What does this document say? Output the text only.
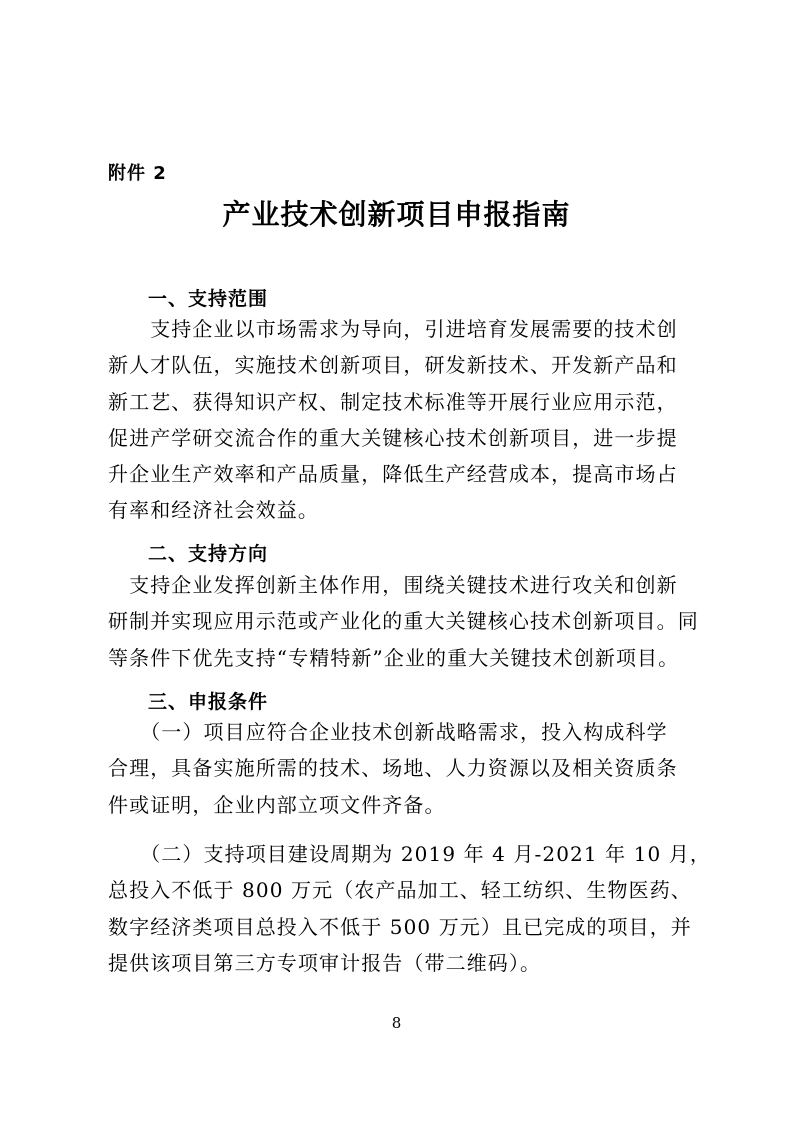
附件 2
产业技术创新项目申报指南
一、支持范围
　　支持企业以市场需求为导向，引进培育发展需要的技术创
新人才队伍，实施技术创新项目，研发新技术、开发新产品和
新工艺、获得知识产权、制定技术标准等开展行业应用示范，
促进产学研交流合作的重大关键核心技术创新项目，进一步提
升企业生产效率和产品质量，降低生产经营成本，提高市场占
有率和经济社会效益。
二、支持方向
　支持企业发挥创新主体作用，围绕关键技术进行攻关和创新
研制并实现应用示范或产业化的重大关键核心技术创新项目。同
等条件下优先支持“专精特新”企业的重大关键技术创新项目。
三、申报条件
　　（一）项目应符合企业技术创新战略需求，投入构成科学
合理，具备实施所需的技术、场地、人力资源以及相关资质条
件或证明，企业内部立项文件齐备。
　　（二）支持项目建设周期为 2019 年 4 月-2021 年 10 月，
总投入不低于 800 万元（农产品加工、轻工纺织、生物医药、
数字经济类项目总投入不低于 500 万元）且已完成的项目，并
提供该项目第三方专项审计报告（带二维码）。
8
